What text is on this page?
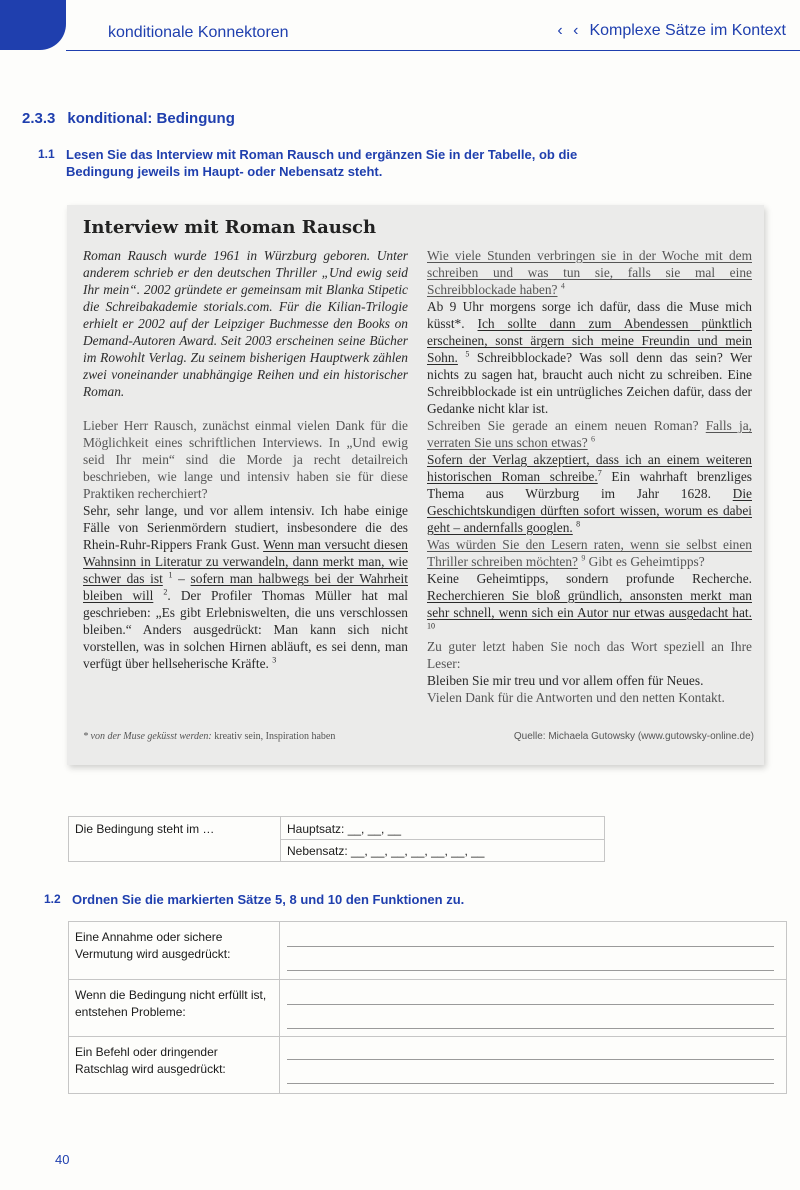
konditionale Konnektoren	‹ ‹ Komplexe Sätze im Kontext
2.3.3 konditional: Bedingung
1.1 Lesen Sie das Interview mit Roman Rausch und ergänzen Sie in der Tabelle, ob die Bedingung jeweils im Haupt- oder Nebensatz steht.
Interview mit Roman Rausch

Roman Rausch wurde 1961 in Würzburg geboren. Unter anderem schrieb er den deutschen Thriller „Und ewig seid Ihr mein“. 2002 gründete er gemeinsam mit Blanka Stipetic die Schreibakademie storials.com. Für die Kilian-Trilogie erhielt er 2002 auf der Leipziger Buchmesse den Books on Demand-Autoren Award. Seit 2003 erscheinen seine Bücher im Rowohlt Verlag. Zu seinem bisherigen Hauptwerk zählen zwei voneinander unabhängige Reihen und ein historischer Roman.

Lieber Herr Rausch, zunächst einmal vielen Dank für die Möglichkeit eines schriftlichen Interviews. In „Und ewig seid Ihr mein“ sind die Morde ja recht detailreich beschrieben, wie lange und intensiv haben sie für diese Praktiken recherchiert?

Sehr, sehr lange, und vor allem intensiv. Ich habe einige Fälle von Serienmördern studiert, insbesondere die des Rhein-Ruhr-Rippers Frank Gust. Wenn man versucht diesen Wahnsinn in Literatur zu verwandeln, dann merkt man, wie schwer das ist $^1$ – sofern man halbwegs bei der Wahrheit bleiben will $^2$. Der Profiler Thomas Müller hat mal geschrieben: „Es gibt Erlebniswelten, die uns verschlossen bleiben.“ Anders ausgedrückt: Man kann sich nicht vorstellen, was in solchen Hirnen abläuft, es sei denn, man verfügt über hellseherische Kräfte. $^3$

Wie viele Stunden verbringen sie in der Woche mit dem schreiben und was tun sie, falls sie mal eine Schreibblockade haben? $^4$

Ab 9 Uhr morgens sorge ich dafür, dass die Muse mich küsst*. Ich sollte dann zum Abendessen pünktlich erscheinen, sonst ärgern sich meine Freundin und mein Sohn. $^5$ Schreibblockade? Was soll denn das sein? Wer nichts zu sagen hat, braucht auch nicht zu schreiben. Eine Schreibblockade ist ein untrügliches Zeichen dafür, dass der Gedanke nicht klar ist.

Schreiben Sie gerade an einem neuen Roman? Falls ja, verraten Sie uns schon etwas? $^6$

Sofern der Verlag akzeptiert, dass ich an einem weiteren historischen Roman schreibe.$^7$ Ein wahrhaft brenzliges Thema aus Würzburg im Jahr 1628. Die Geschichtskundigen dürften sofort wissen, worum es dabei geht – andernfalls googlen. $^8$

Was würden Sie den Lesern raten, wenn sie selbst einen Thriller schreiben möchten? $^9$ Gibt es Geheimtipps?

Keine Geheimtipps, sondern profunde Recherche. Recherchieren Sie bloß gründlich, ansonsten merkt man sehr schnell, wenn sich ein Autor nur etwas ausgedacht hat. $^{10}$

Zu guter letzt haben Sie noch das Wort speziell an Ihre Leser:

Bleiben Sie mir treu und vor allem offen für Neues.

Vielen Dank für die Antworten und den netten Kontakt.

* von der Muse geküsst werden: kreativ sein, Inspiration haben	Quelle: Michaela Gutowsky (www.gutowsky-online.de)
Die Bedingung steht im …	Hauptsatz: __, __, __
Nebensatz: __, __, __, __, __, __, __
1.2 Ordnen Sie die markierten Sätze 5, 8 und 10 den Funktionen zu.
Eine Annahme oder sichere Vermutung wird ausgedrückt:
Wenn die Bedingung nicht erfüllt ist, entstehen Probleme:
Ein Befehl oder dringender Ratschlag wird ausgedrückt:
40
